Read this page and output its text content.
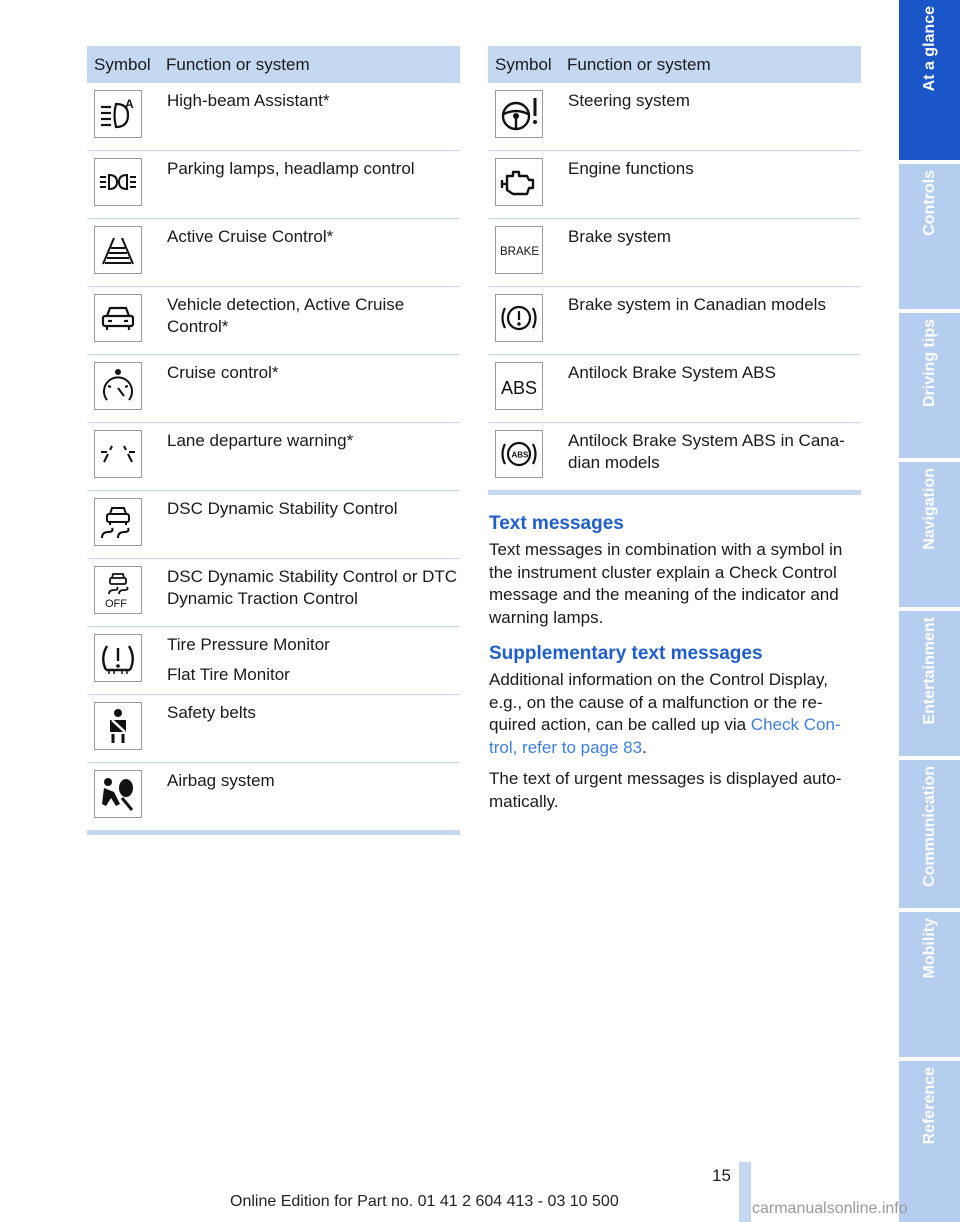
Symbol Function or system
A High-beam Assistant*
Parking lamps, headlamp control
Active Cruise Control*
Vehicle detection, Active Cruise Control*
Cruise control*
Lane departure warning*
DSC Dynamic Stability Control
OFF
DSC Dynamic Stability Control or DTC Dynamic Traction Control
Tire Pressure Monitor
Flat Tire Monitor
Safety belts
Airbag system
Symbol Function or system
Steering system
Engine functions
BRAKE
Brake system
Brake system in Canadian models
ABS
Antilock Brake System ABS
ABS
Antilock Brake System ABS in Cana-dian models
Text messages

Text messages in combination with a symbol in the instrument cluster explain a Check Control message and the meaning of the indicator and warning lamps.

Supplementary text messages

Additional information on the Control Display, e.g., on the cause of a malfunction or the re-quired action, can be called up via Check Con-trol, refer to page 83.

The text of urgent messages is displayed auto-matically.

At a glance
Controls
Driving tips
Navigation
Entertainment
Communication
Mobility
Reference
15
Online Edition for Part no. 01 41 2 604 413 - 03 10 500	carmanualsonline.info
